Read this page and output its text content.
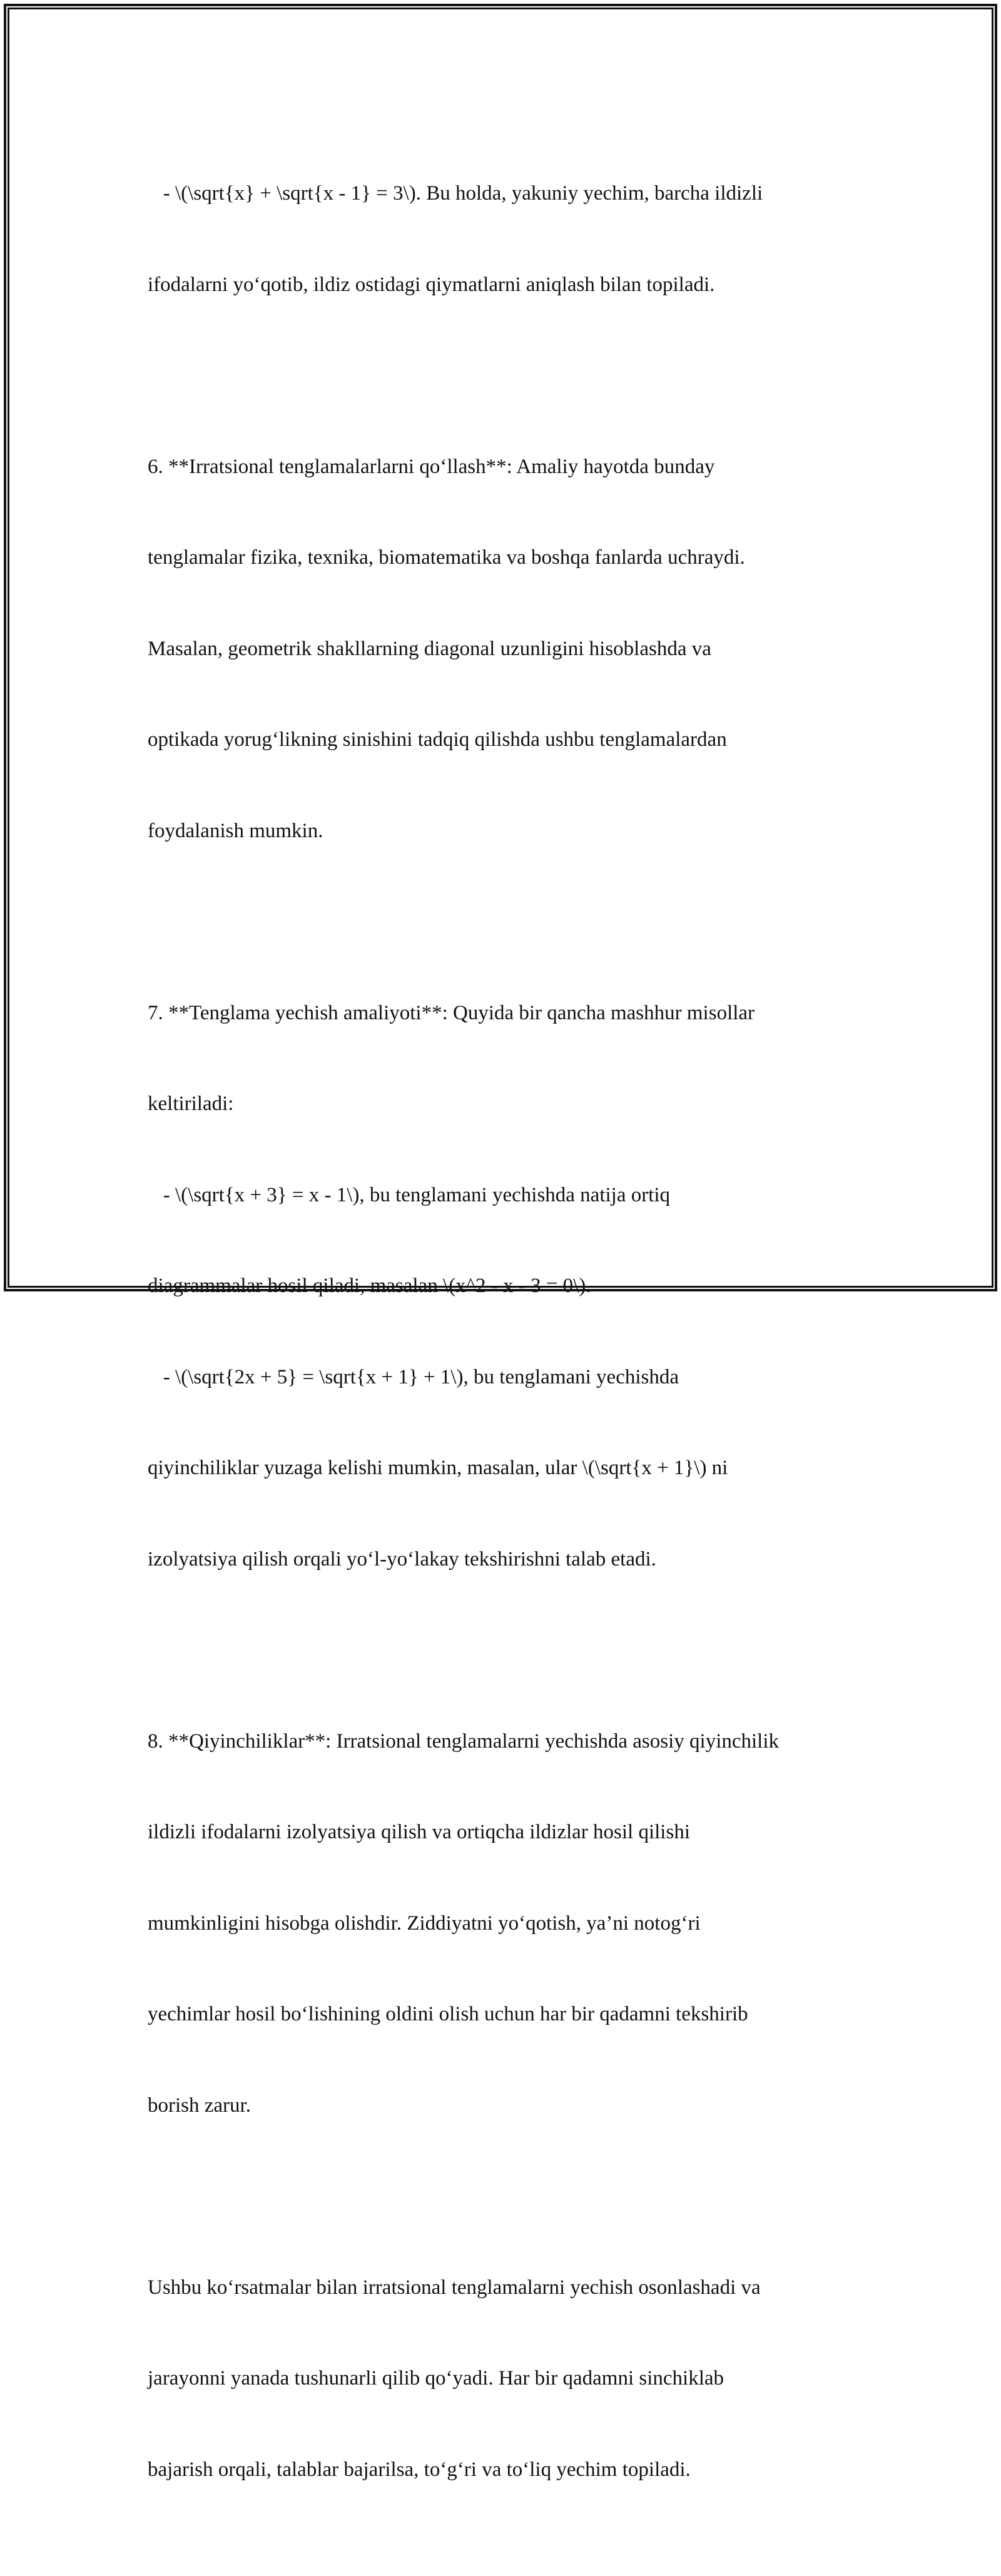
- \(\sqrt{x} + \sqrt{x - 1} = 3\). Bu holda, yakuniy yechim, barcha ildizli

ifodalarni yo‘qotib, ildiz ostidagi qiymatlarni aniqlash bilan topiladi.

6. **Irratsional tenglamalarlarni qo‘llash**: Amaliy hayotda bunday

tenglamalar fizika, texnika, biomatematika va boshqa fanlarda uchraydi.

Masalan, geometrik shakllarning diagonal uzunligini hisoblashda va

optikada yorug‘likning sinishini tadqiq qilishda ushbu tenglamalardan

foydalanish mumkin.

7. **Tenglama yechish amaliyoti**: Quyida bir qancha mashhur misollar

keltiriladi:

- \(\sqrt{x + 3} = x - 1\), bu tenglamani yechishda natija ortiq

diagrammalar hosil qiladi, masalan \(x^2 - x - 3 = 0\).

- \(\sqrt{2x + 5} = \sqrt{x + 1} + 1\), bu tenglamani yechishda

qiyinchiliklar yuzaga kelishi mumkin, masalan, ular \(\sqrt{x + 1}\) ni

izolyatsiya qilish orqali yo‘l-yo‘lakay tekshirishni talab etadi.

8. **Qiyinchiliklar**: Irratsional tenglamalarni yechishda asosiy qiyinchilik

ildizli ifodalarni izolyatsiya qilish va ortiqcha ildizlar hosil qilishi

mumkinligini hisobga olishdir. Ziddiyatni yo‘qotish, ya’ni notog‘ri

yechimlar hosil bo‘lishining oldini olish uchun har bir qadamni tekshirib

borish zarur.

Ushbu ko‘rsatmalar bilan irratsional tenglamalarni yechish osonlashadi va

jarayonni yanada tushunarli qilib qo‘yadi. Har bir qadamni sinchiklab

bajarish orqali, talablar bajarilsa, to‘g‘ri va to‘liq yechim topiladi.
